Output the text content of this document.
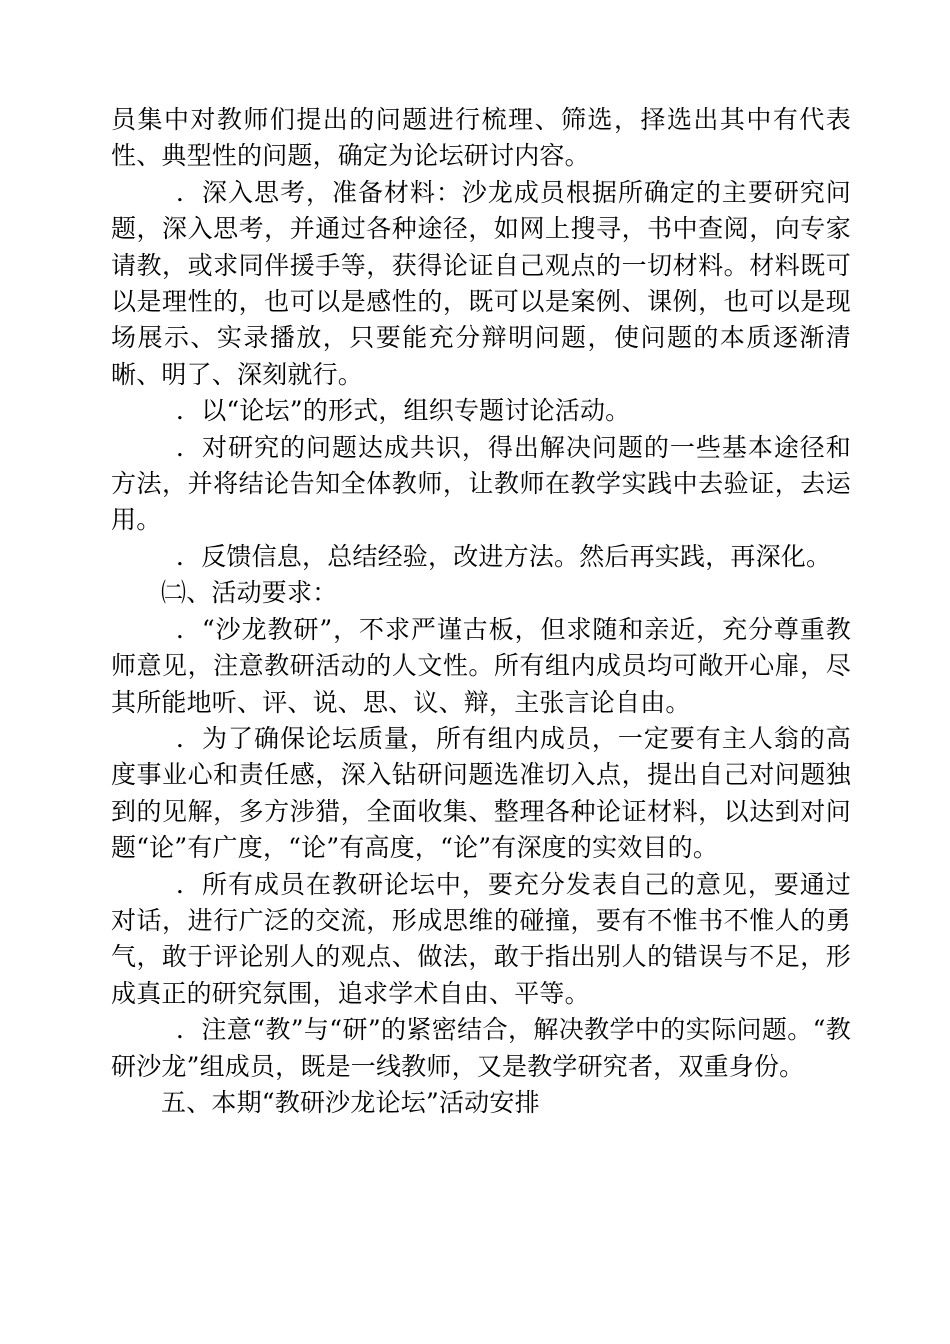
员集中对教师们提出的问题进行梳理、筛选，择选出其中有代表性、典型性的问题，确定为论坛研讨内容。

．深入思考，准备材料：沙龙成员根据所确定的主要研究问题，深入思考，并通过各种途径，如网上搜寻，书中查阅，向专家请教，或求同伴援手等，获得论证自己观点的一切材料。材料既可以是理性的，也可以是感性的，既可以是案例、课例，也可以是现场展示、实录播放，只要能充分辩明问题，使问题的本质逐渐清晰、明了、深刻就行。

．以“论坛”的形式，组织专题讨论活动。

．对研究的问题达成共识，得出解决问题的一些基本途径和方法，并将结论告知全体教师，让教师在教学实践中去验证，去运用。

．反馈信息，总结经验，改进方法。然后再实践，再深化。

㈡、活动要求：

．“沙龙教研”，不求严谨古板，但求随和亲近，充分尊重教师意见，注意教研活动的人文性。所有组内成员均可敞开心扉，尽其所能地听、评、说、思、议、辩，主张言论自由。

．为了确保论坛质量，所有组内成员，一定要有主人翁的高度事业心和责任感，深入钻研问题选准切入点，提出自己对问题独到的见解，多方涉猎，全面收集、整理各种论证材料，以达到对问题“论”有广度，“论”有高度，“论”有深度的实效目的。

．所有成员在教研论坛中，要充分发表自己的意见，要通过对话，进行广泛的交流，形成思维的碰撞，要有不惟书不惟人的勇气，敢于评论别人的观点、做法，敢于指出别人的错误与不足，形成真正的研究氛围，追求学术自由、平等。

．注意“教”与“研”的紧密结合，解决教学中的实际问题。“教研沙龙”组成员，既是一线教师，又是教学研究者，双重身份。

五、本期“教研沙龙论坛”活动安排
